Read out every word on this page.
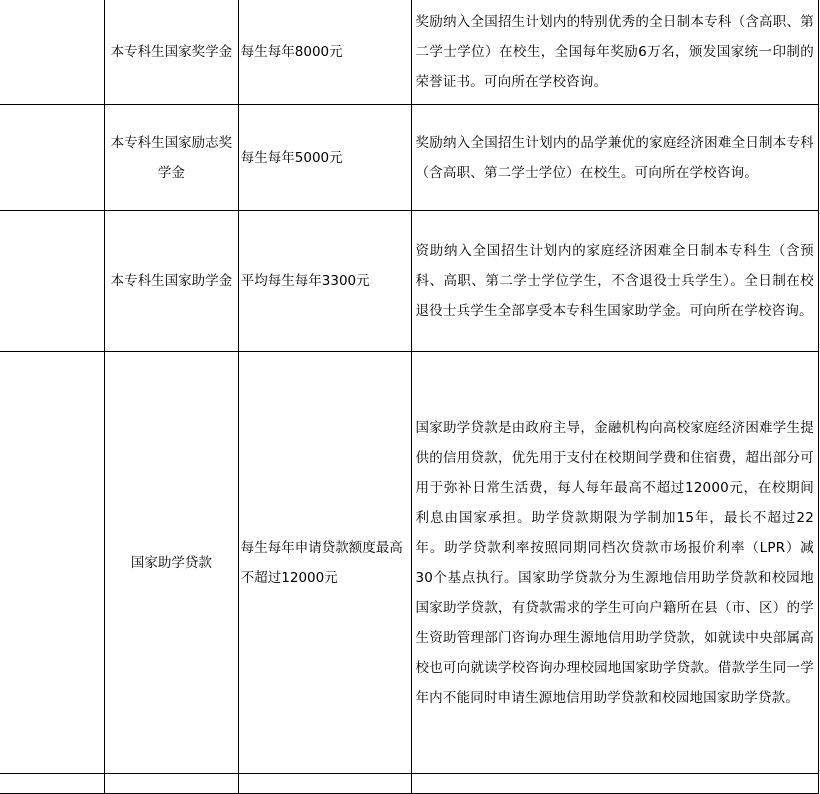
	本专科生国家奖学金	每生每年8000元	奖励纳入全国招生计划内的特别优秀的全日制本专科（含高职、第二学士学位）在校生，全国每年奖励6万名，颁发国家统一印制的荣誉证书。可向所在学校咨询。
	本专科生国家励志奖学金	每生每年5000元	奖励纳入全国招生计划内的品学兼优的家庭经济困难全日制本专科（含高职、第二学士学位）在校生。可向所在学校咨询。
	本专科生国家助学金	平均每生每年3300元	资助纳入全国招生计划内的家庭经济困难全日制本专科生（含预科、高职、第二学士学位学生，不含退役士兵学生）。全日制在校退役士兵学生全部享受本专科生国家助学金。可向所在学校咨询。
	国家助学贷款	每生每年申请贷款额度最高不超过12000元	国家助学贷款是由政府主导，金融机构向高校家庭经济困难学生提供的信用贷款，优先用于支付在校期间学费和住宿费，超出部分可用于弥补日常生活费，每人每年最高不超过12000元，在校期间利息由国家承担。助学贷款期限为学制加15年，最长不超过22年。助学贷款利率按照同期同档次贷款市场报价利率（LPR）减30个基点执行。国家助学贷款分为生源地信用助学贷款和校园地国家助学贷款，有贷款需求的学生可向户籍所在县（市、区）的学生资助管理部门咨询办理生源地信用助学贷款，如就读中央部属高校也可向就读学校咨询办理校园地国家助学贷款。借款学生同一学年内不能同时申请生源地信用助学贷款和校园地国家助学贷款。
